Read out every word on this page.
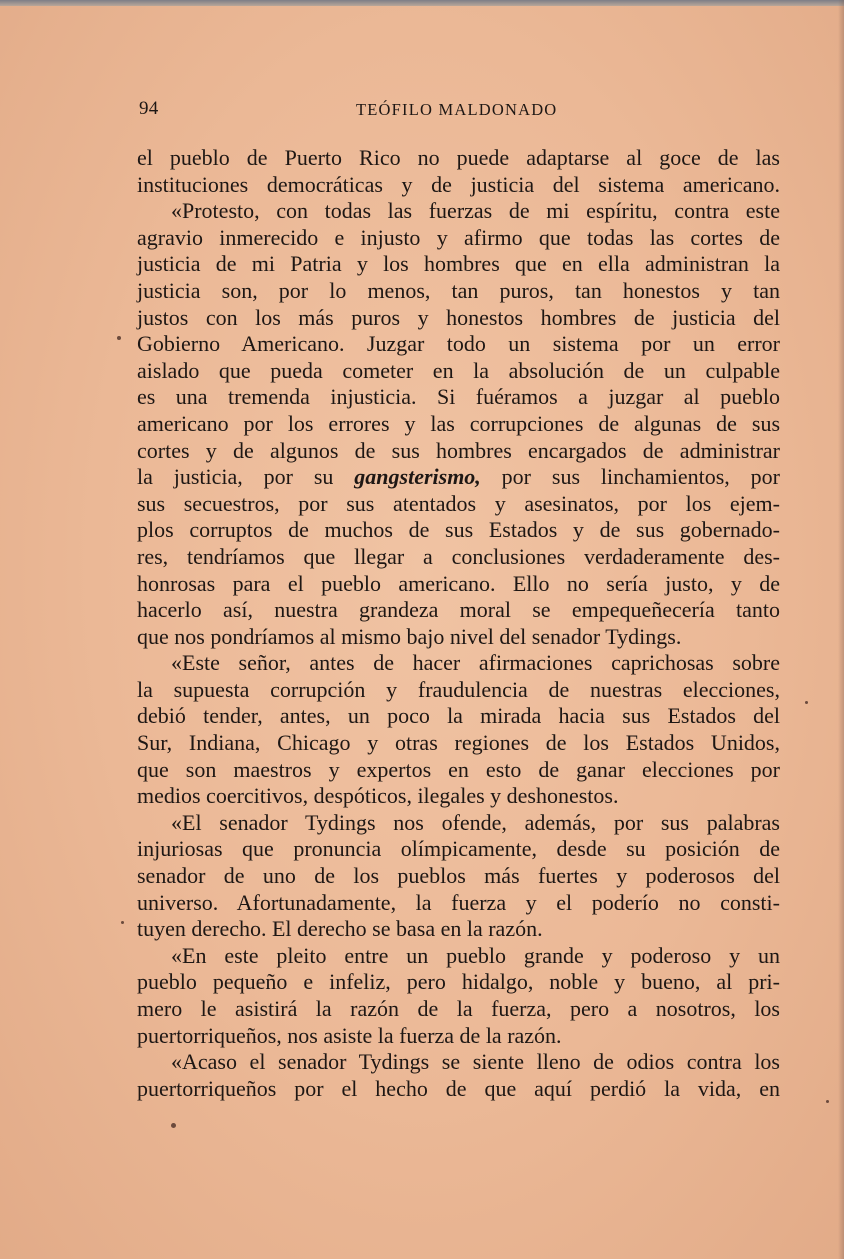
94	TEÓFILO MALDONADO
el pueblo de Puerto Rico no puede adaptarse al goce de las
instituciones democráticas y de justicia del sistema americano.
«Protesto, con todas las fuerzas de mi espíritu, contra este
agravio inmerecido e injusto y afirmo que todas las cortes de
justicia de mi Patria y los hombres que en ella administran la
justicia son, por lo menos, tan puros, tan honestos y tan
justos con los más puros y honestos hombres de justicia del
Gobierno Americano. Juzgar todo un sistema por un error
aislado que pueda cometer en la absolución de un culpable
es una tremenda injusticia. Si fuéramos a juzgar al pueblo
americano por los errores y las corrupciones de algunas de sus
cortes y de algunos de sus hombres encargados de administrar
la justicia, por su gangsterismo, por sus linchamientos, por
sus secuestros, por sus atentados y asesinatos, por los ejem-
plos corruptos de muchos de sus Estados y de sus gobernado-
res, tendríamos que llegar a conclusiones verdaderamente des-
honrosas para el pueblo americano. Ello no sería justo, y de
hacerlo así, nuestra grandeza moral se empequeñecería tanto
que nos pondríamos al mismo bajo nivel del senador Tydings.
«Este señor, antes de hacer afirmaciones caprichosas sobre
la supuesta corrupción y fraudulencia de nuestras elecciones,
debió tender, antes, un poco la mirada hacia sus Estados del
Sur, Indiana, Chicago y otras regiones de los Estados Unidos,
que son maestros y expertos en esto de ganar elecciones por
medios coercitivos, despóticos, ilegales y deshonestos.
«El senador Tydings nos ofende, además, por sus palabras
injuriosas que pronuncia olímpicamente, desde su posición de
senador de uno de los pueblos más fuertes y poderosos del
universo. Afortunadamente, la fuerza y el poderío no consti-
tuyen derecho. El derecho se basa en la razón.
«En este pleito entre un pueblo grande y poderoso y un
pueblo pequeño e infeliz, pero hidalgo, noble y bueno, al pri-
mero le asistirá la razón de la fuerza, pero a nosotros, los
puertorriqueños, nos asiste la fuerza de la razón.
«Acaso el senador Tydings se siente lleno de odios contra los
puertorriqueños por el hecho de que aquí perdió la vida, en
